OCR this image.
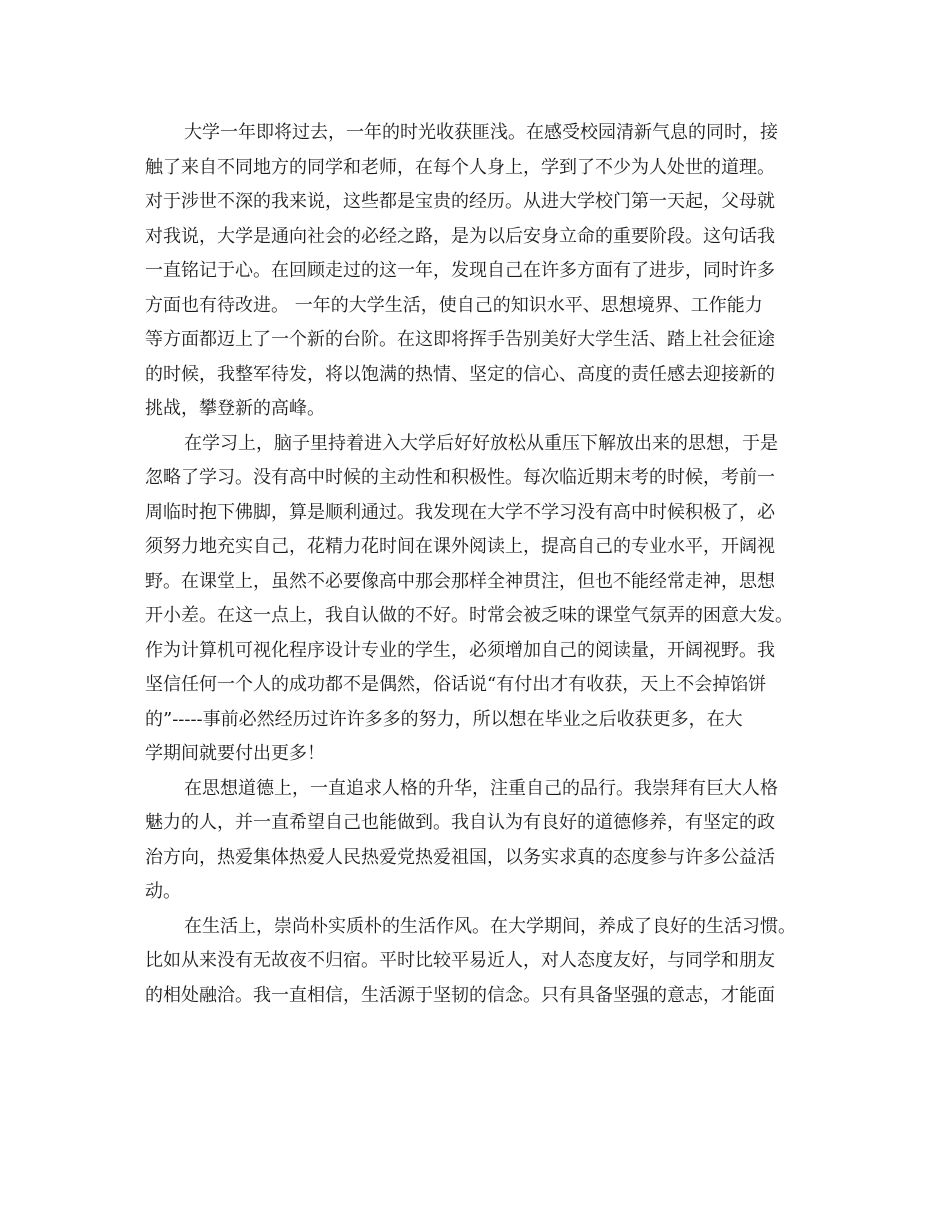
大学一年即将过去，一年的时光收获匪浅。在感受校园清新气息的同时，接
触了来自不同地方的同学和老师，在每个人身上，学到了不少为人处世的道理。
对于涉世不深的我来说，这些都是宝贵的经历。从进大学校门第一天起，父母就
对我说，大学是通向社会的必经之路，是为以后安身立命的重要阶段。这句话我
一直铭记于心。在回顾走过的这一年，发现自己在许多方面有了进步，同时许多
方面也有待改进。 一年的大学生活，使自己的知识水平、思想境界、工作能力
等方面都迈上了一个新的台阶。在这即将挥手告别美好大学生活、踏上社会征途
的时候，我整军待发，将以饱满的热情、坚定的信心、高度的责任感去迎接新的
挑战，攀登新的高峰。
在学习上，脑子里持着进入大学后好好放松从重压下解放出来的思想，于是
忽略了学习。没有高中时候的主动性和积极性。每次临近期末考的时候，考前一
周临时抱下佛脚，算是顺利通过。我发现在大学不学习没有高中时候积极了，必
须努力地充实自己，花精力花时间在课外阅读上，提高自己的专业水平，开阔视
野。在课堂上，虽然不必要像高中那会那样全神贯注，但也不能经常走神，思想
开小差。在这一点上，我自认做的不好。时常会被乏味的课堂气氛弄的困意大发。
作为计算机可视化程序设计专业的学生，必须增加自己的阅读量，开阔视野。我
坚信任何一个人的成功都不是偶然，俗话说“有付出才有收获，天上不会掉馅饼
的”-----事前必然经历过许许多多的努力，所以想在毕业之后收获更多，在大
学期间就要付出更多！
在思想道德上，一直追求人格的升华，注重自己的品行。我崇拜有巨大人格
魅力的人，并一直希望自己也能做到。我自认为有良好的道德修养，有坚定的政
治方向，热爱集体热爱人民热爱党热爱祖国，以务实求真的态度参与许多公益活
动。
在生活上，崇尚朴实质朴的生活作风。在大学期间，养成了良好的生活习惯。
比如从来没有无故夜不归宿。平时比较平易近人，对人态度友好，与同学和朋友
的相处融洽。我一直相信，生活源于坚韧的信念。只有具备坚强的意志，才能面
